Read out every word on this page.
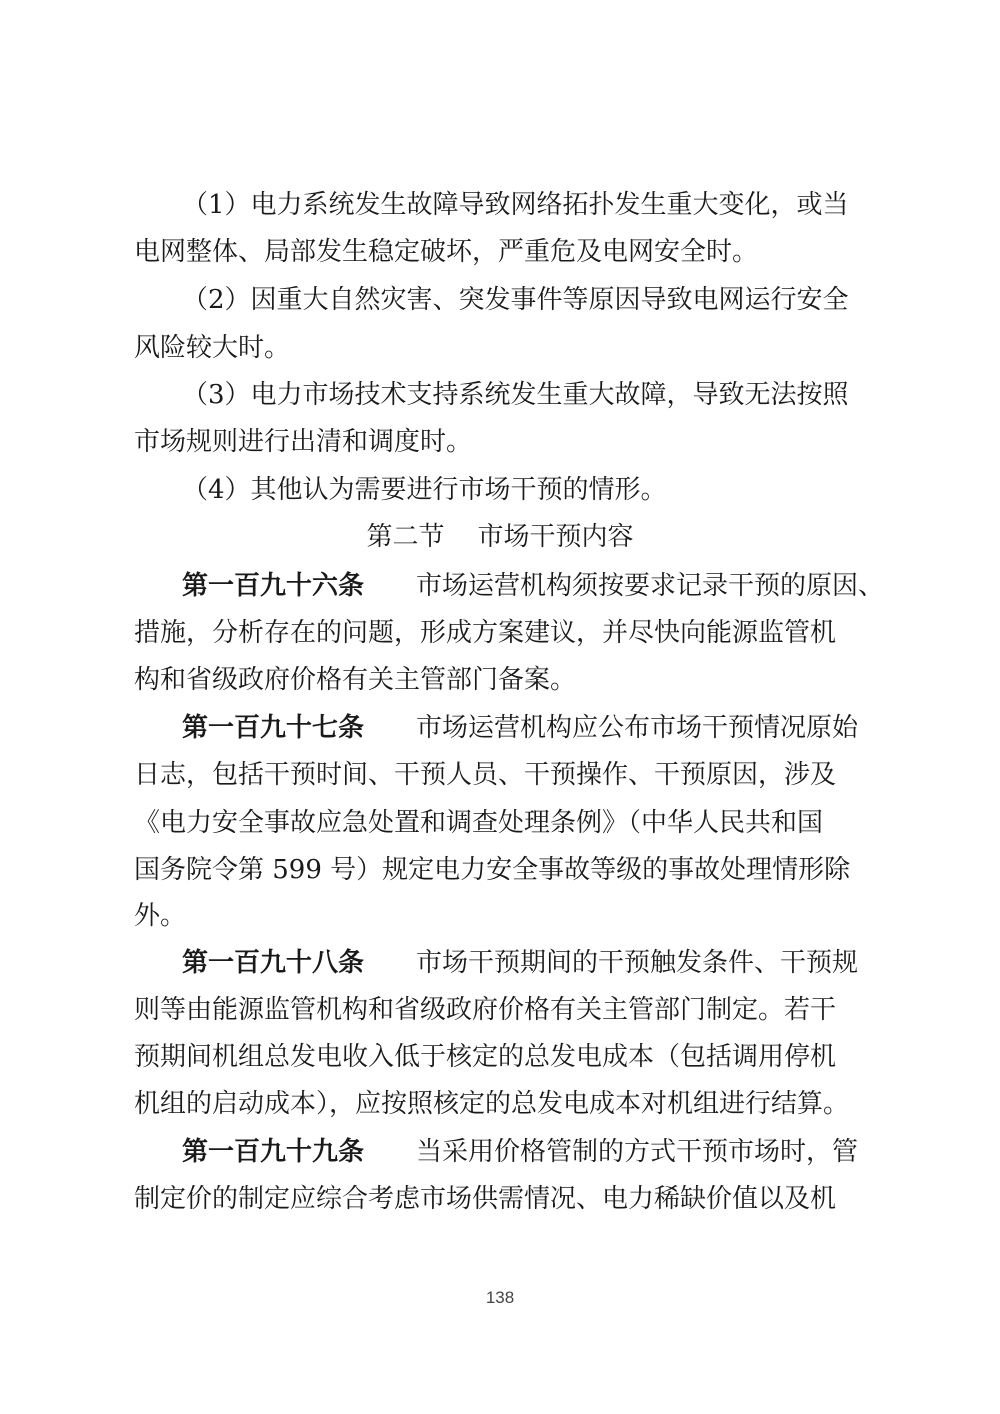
（1）电力系统发生故障导致网络拓扑发生重大变化，或当
电网整体、局部发生稳定破坏，严重危及电网安全时。
（2）因重大自然灾害、突发事件等原因导致电网运行安全
风险较大时。
（3）电力市场技术支持系统发生重大故障，导致无法按照
市场规则进行出清和调度时。
（4）其他认为需要进行市场干预的情形。
第二节    市场干预内容
第一百九十六条 市场运营机构须按要求记录干预的原因、
措施，分析存在的问题，形成方案建议，并尽快向能源监管机
构和省级政府价格有关主管部门备案。
第一百九十七条 市场运营机构应公布市场干预情况原始
日志，包括干预时间、干预人员、干预操作、干预原因，涉及
《电力安全事故应急处置和调查处理条例》（中华人民共和国
国务院令第 599 号）规定电力安全事故等级的事故处理情形除
外。
第一百九十八条 市场干预期间的干预触发条件、干预规
则等由能源监管机构和省级政府价格有关主管部门制定。若干
预期间机组总发电收入低于核定的总发电成本（包括调用停机
机组的启动成本），应按照核定的总发电成本对机组进行结算。
第一百九十九条 当采用价格管制的方式干预市场时，管
制定价的制定应综合考虑市场供需情况、电力稀缺价值以及机
138
